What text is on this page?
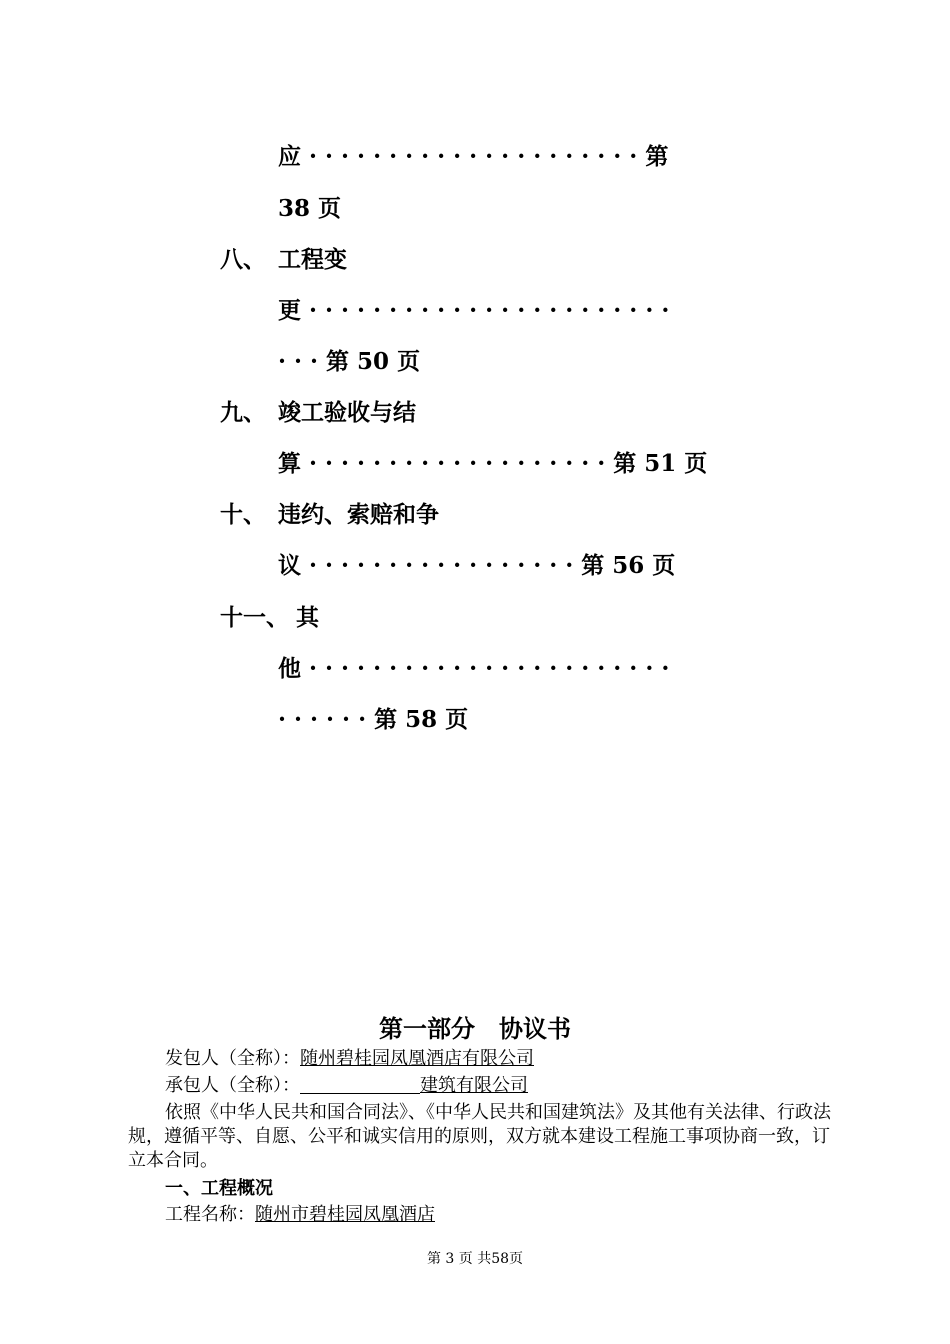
应 · · · · · · · · · · · · · · · · · · · · · 第
38 页
八、 工程变
更 · · · · · · · · · · · · · · · · · · · · · · ·
· · · 第 50 页
九、 竣工验收与结
算 · · · · · · · · · · · · · · · · · · · 第 51 页
十、 违约、索赔和争
议 · · · · · · · · · · · · · · · · · 第 56 页
十一、 其
他 · · · · · · · · · · · · · · · · · · · · · · ·
· · · · · · 第 58 页
第一部分　协议书
发包人（全称）：随州碧桂园凤凰酒店有限公司
承包人（全称）：	建筑有限公司
依照《中华人民共和国合同法》、《中华人民共和国建筑法》及其他有关法律、行政法规，遵循平等、自愿、公平和诚实信用的原则，双方就本建设工程施工事项协商一致，订立本合同。
一、工程概况
工程名称：随州市碧桂园凤凰酒店
第 3 页 共58页
